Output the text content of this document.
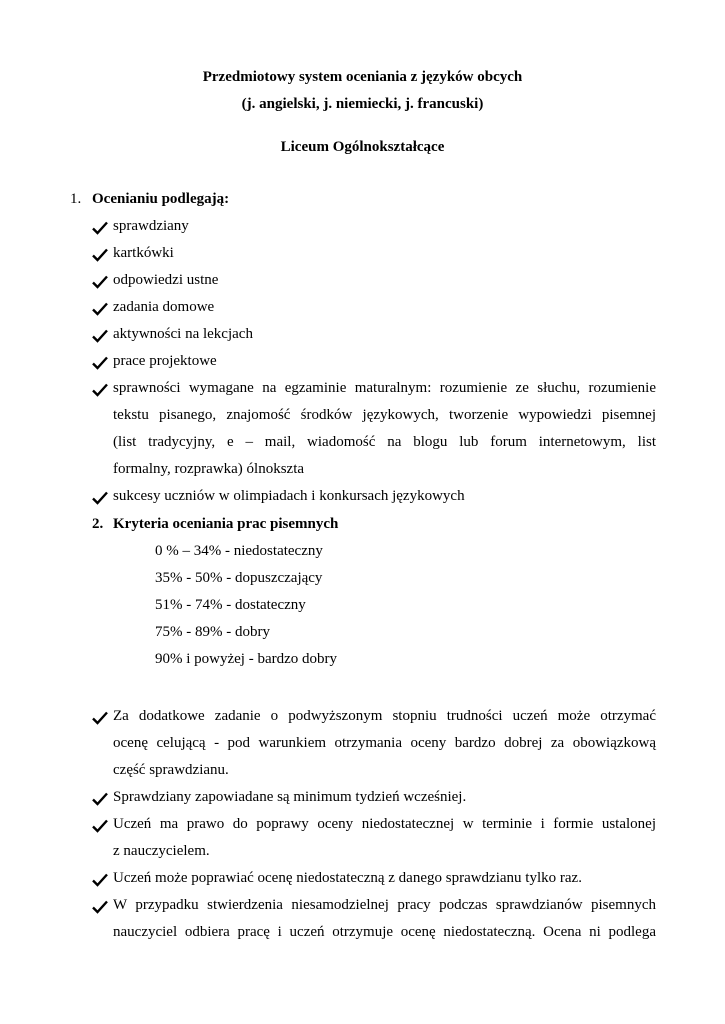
Przedmiotowy system oceniania z języków obcych
(j. angielski, j. niemiecki, j. francuski)
Liceum Ogólnokształcące
1. Ocenianiu podlegają:
sprawdziany
kartkówki
odpowiedzi ustne
zadania domowe
aktywności na lekcjach
prace projektowe
sprawności wymagane na egzaminie maturalnym: rozumienie ze słuchu, rozumienie
tekstu pisanego, znajomość środków językowych, tworzenie wypowiedzi pisemnej
(list tradycyjny, e – mail, wiadomość na blogu lub forum internetowym, list
formalny, rozprawka) ólnokszta
sukcesy uczniów w olimpiadach i konkursach językowych
2. Kryteria oceniania prac pisemnych
0 % – 34% - niedostateczny
35% - 50% - dopuszczający
51% - 74% - dostateczny
75% - 89% - dobry
90% i powyżej - bardzo dobry
Za dodatkowe zadanie o podwyższonym stopniu trudności uczeń może otrzymać
ocenę celującą - pod warunkiem otrzymania oceny bardzo dobrej za obowiązkową
część sprawdzianu.
Sprawdziany zapowiadane są minimum tydzień wcześniej.
Uczeń ma prawo do poprawy oceny niedostatecznej w terminie i formie ustalonej
z nauczycielem.
Uczeń może poprawiać ocenę niedostateczną z danego sprawdzianu tylko raz.
W przypadku stwierdzenia niesamodzielnej pracy podczas sprawdzianów pisemnych
nauczyciel odbiera pracę i uczeń otrzymuje ocenę niedostateczną. Ocena ni podlega
